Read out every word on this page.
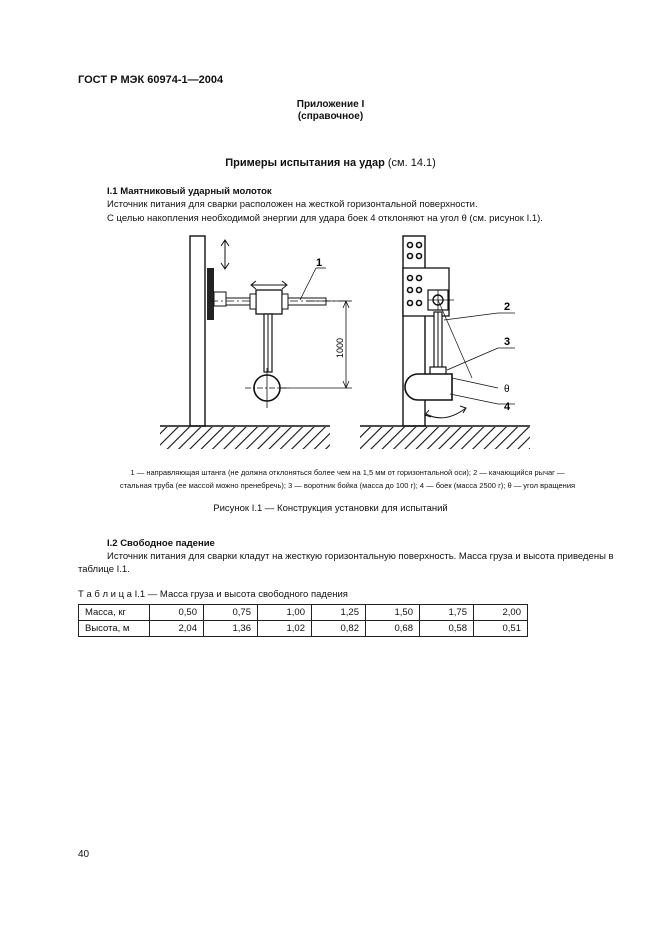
ГОСТ Р МЭК 60974-1—2004
Приложение I
(справочное)
Примеры испытания на удар (см. 14.1)
I.1 Маятниковый ударный молоток
Источник питания для сварки расположен на жесткой горизонтальной поверхности.
С целью накопления необходимой энергии для удара боек 4 отклоняют на угол θ (см. рисунок I.1).
1000
1
2
3
θ
4
1 — направляющая штанга (не должна отклоняться более чем на 1,5 мм от горизонтальной оси); 2 — качающийся рычаг —
стальная труба (ее массой можно пренебречь); 3 — воротник бойка (масса до 100 г); 4 — боек (масса 2500 г); θ — угол вращения
Рисунок I.1 — Конструкция установки для испытаний
I.2 Свободное падение
Источник питания для сварки кладут на жесткую горизонтальную поверхность. Масса груза и высота приведены в таблице I.1.
Т а б л и ц а I.1 — Масса груза и высота свободного падения
Масса, кг	0,50	0,75	1,00	1,25	1,50	1,75	2,00
Высота, м	2,04	1,36	1,02	0,82	0,68	0,58	0,51
40
